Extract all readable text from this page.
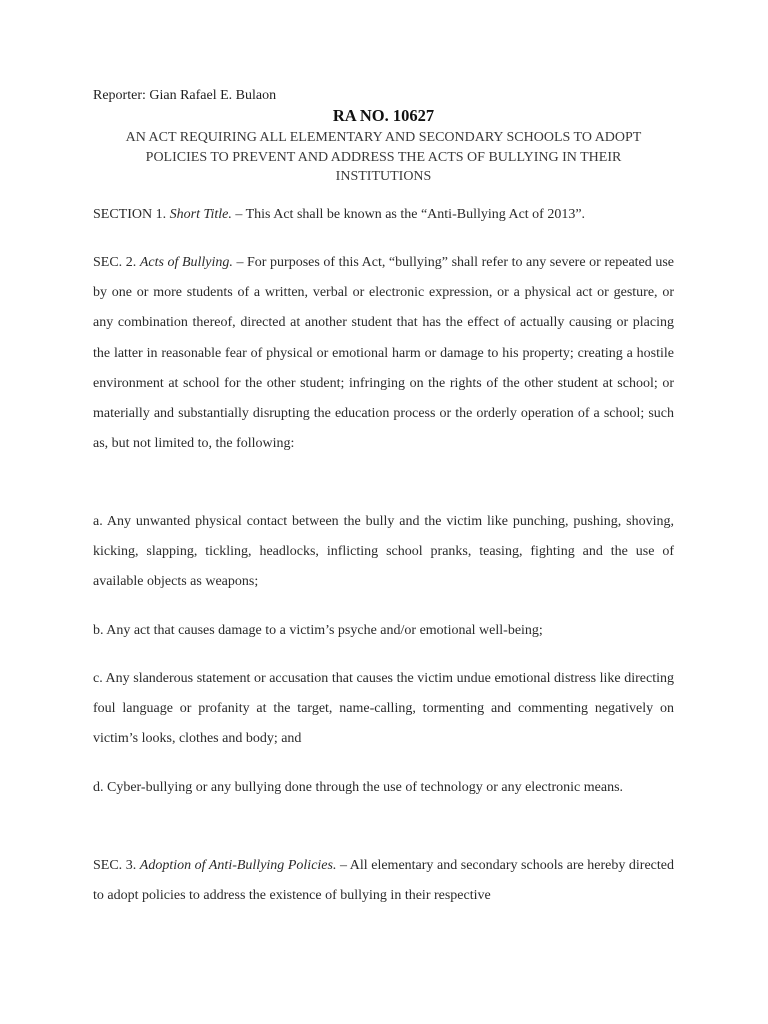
Reporter: Gian Rafael E. Bulaon
RA NO. 10627
AN ACT REQUIRING ALL ELEMENTARY AND SECONDARY SCHOOLS TO ADOPT
POLICIES TO PREVENT AND ADDRESS THE ACTS OF BULLYING IN THEIR
INSTITUTIONS

SECTION 1. Short Title. – This Act shall be known as the “Anti-Bullying Act of 2013”.

SEC. 2. Acts of Bullying. – For purposes of this Act, “bullying” shall refer to any severe or repeated use by one or more students of a written, verbal or electronic expression, or a physical act or gesture, or any combination thereof, directed at another student that has the effect of actually causing or placing the latter in reasonable fear of physical or emotional harm or damage to his property; creating a hostile environment at school for the other student; infringing on the rights of the other student at school; or materially and substantially disrupting the education process or the orderly operation of a school; such as, but not limited to, the following:

a. Any unwanted physical contact between the bully and the victim like punching, pushing, shoving, kicking, slapping, tickling, headlocks, inflicting school pranks, teasing, fighting and the use of available objects as weapons;

b. Any act that causes damage to a victim’s psyche and/or emotional well-being;

c. Any slanderous statement or accusation that causes the victim undue emotional distress like directing foul language or profanity at the target, name-calling, tormenting and commenting negatively on victim’s looks, clothes and body; and

d. Cyber-bullying or any bullying done through the use of technology or any electronic means.

SEC. 3. Adoption of Anti-Bullying Policies. – All elementary and secondary schools are hereby directed to adopt policies to address the existence of bullying in their respective
